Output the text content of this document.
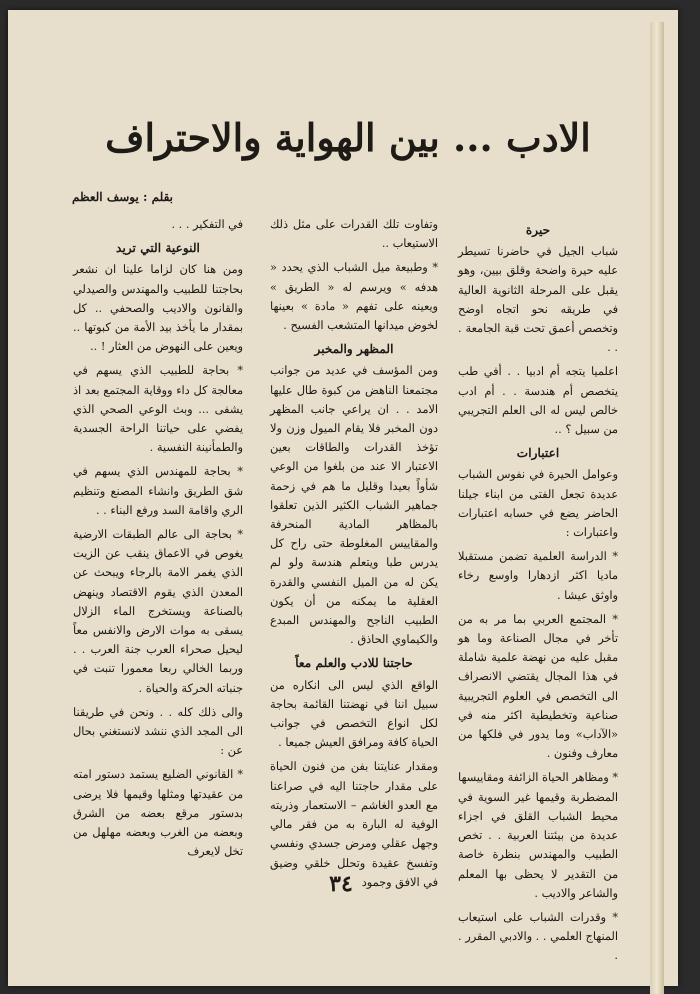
الادب ... بين الهواية والاحتراف
بقلم : يوسف العظم
حيرة

شباب الجيل في حاضرنا تسيطر عليه حيرة واضحة وقلق بيين، وهو يقبل على المرحلة الثانوية العالية في طريقه نحو اتجاه اوضح وتخصص أعمق تحت قبة الجامعة . . .

اعلميا يتجه أم ادبيا . . أفي طب يتخصص أم هندسة . . أم ادب خالص ليس له الى العلم التجريبي من سبيل ؟ ..

اعتبارات

وعوامل الحيرة في نفوس الشباب عديدة تجعل الفتى من ابناء جيلنا الحاضر يضع في حسابه اعتبارات واعتبارات :

* الدراسة العلمية تضمن مستقبلا ماديا اكثر ازدهارا واوسع رخاء واوثق عيشا .

* المجتمع العربي بما مر به من تأخر في مجال الصناعة وما هو مقبل عليه من نهضة علمية شاملة في هذا المجال يقتضي الانصراف الى التخصص في العلوم التجريبية صناعية وتخطيطية اكثر منه في «الآداب» وما يدور في فلكها من معارف وفنون .

* ومظاهر الحياة الزائفة ومقاييسها المضطربة وقيمها غير السوية في محيط الشباب القلق في اجزاء عديدة من بيئتنا العربية . . تخص الطبيب والمهندس بنظرة خاصة من التقدير لا يحظى بها المعلم والشاعر والاديب .

* وقدرات الشباب على استيعاب المنهاج العلمي . . والادبي المقرر . .

وتفاوت تلك القدرات على مثل ذلك الاستيعاب ..

* وطبيعة ميل الشباب الذي يحدد « هدفه » ويرسم له « الطريق » ويعينه على تفهم « مادة » بعينها لخوض ميدانها المتشعب الفسيح .

المظهر والمخبر

ومن المؤسف في عديد من جوانب مجتمعنا الناهض من كبوة طال عليها الامد . . ان يراعي جانب المظهر دون المخبر فلا يقام الميول وزن ولا تؤخذ القدرات والطاقات بعين الاعتبار الا عند من بلغوا من الوعي شأواً بعيدا وقليل ما هم في زحمة جماهير الشباب الكثير الذين تعلقوا بالمظاهر المادية المنحرفة والمقاييس المغلوطة حتى راح كل يدرس طبا ويتعلم هندسة ولو لم يكن له من الميل النفسي والقدرة العقلية ما يمكنه من أن يكون الطبيب الناجح والمهندس المبدع والكيماوي الحاذق .

حاجتنا للادب والعلم معاً

الواقع الذي ليس الى انكاره من سبيل اننا في نهضتنا القائمة بحاجة لكل انواع التخصص في جوانب الحياة كافة ومرافق العيش جميعا .

ومقدار عنايتنا بفن من فنون الحياة على مقدار حاجتنا اليه في صراعنا مع العدو الغاشم – الاستعمار وذريته الوفية له البارة به من فقر مالي وجهل عقلي ومرض جسدي ونفسي وتفسخ عقيدة وتحلل خلقي وضيق في الافق وجمود

في التفكير . . .

النوعية التي تريد

ومن هنا كان لزاما علينا ان نشعر بحاجتنا للطبيب والمهندس والصيدلي والقانون والاديب والصحفي .. كل بمقدار ما يأخذ بيد الأمة من كبوتها .. ويعين على النهوض من العثار ! ..

* بحاجة للطبيب الذي يسهم في معالجة كل داء ووقاية المجتمع بعد اذ يشفى ... وبث الوعي الصحي الذي يفضي على حياتنا الراحة الجسدية والطمأنينة النفسية .

* بحاجة للمهندس الذي يسهم في شق الطريق وانشاء المصنع وتنظيم الري واقامة السد ورفع البناء . .

* بحاجة الى عالم الطبقات الارضية يغوص في الاعماق ينقب عن الزيت الذي يغمر الامة بالرجاء ويبحث عن المعدن الذي يقوم الاقتصاد وينهض بالصناعة ويستخرج الماء الزلال يسقى به موات الارض والانفس معاً ليحيل صحراء العرب جنة العرب . . وربما الخالي ربعا معمورا تنبت في جنباته الحركة والحياة .

والى ذلك كله . . ونحن في طريقنا الى المجد الذي ننشد لانستغني بحال عن :

* القانوني الضليع يستمد دستور امته من عقيدتها ومثلها وقيمها فلا يرضى بدستور مرقع بعضه من الشرق وبعضه من الغرب وبعضه مهلهل من تخل لايعرف

٣٤
